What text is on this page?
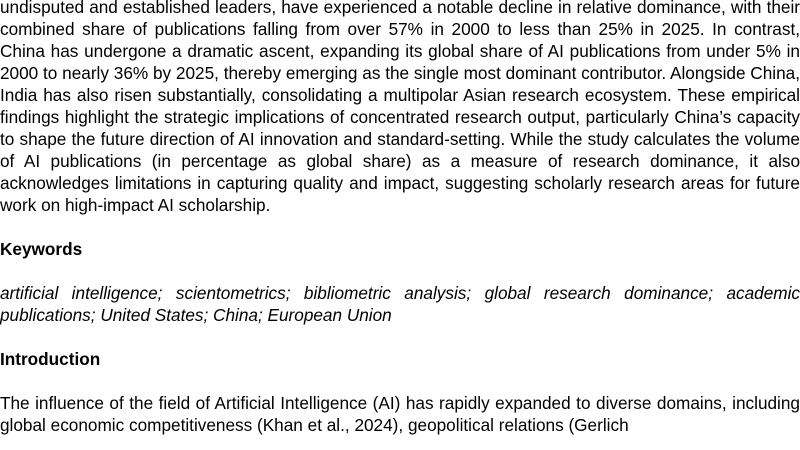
undisputed and established leaders, have experienced a notable decline in relative dominance, with their combined share of publications falling from over 57% in 2000 to less than 25% in 2025. In contrast, China has undergone a dramatic ascent, expanding its global share of AI publications from under 5% in 2000 to nearly 36% by 2025, thereby emerging as the single most dominant contributor. Alongside China, India has also risen substantially, consolidating a multipolar Asian research ecosystem. These empirical findings highlight the strategic implications of concentrated research output, particularly China’s capacity to shape the future direction of AI innovation and standard-setting. While the study calculates the volume of AI publications (in percentage as global share) as a measure of research dominance, it also acknowledges limitations in capturing quality and impact, suggesting scholarly research areas for future work on high-impact AI scholarship.

Keywords

artificial intelligence; scientometrics; bibliometric analysis; global research dominance; academic publications; United States; China; European Union

Introduction

The influence of the field of Artificial Intelligence (AI) has rapidly expanded to diverse domains, including global economic competitiveness (Khan et al., 2024), geopolitical relations (Gerlich
